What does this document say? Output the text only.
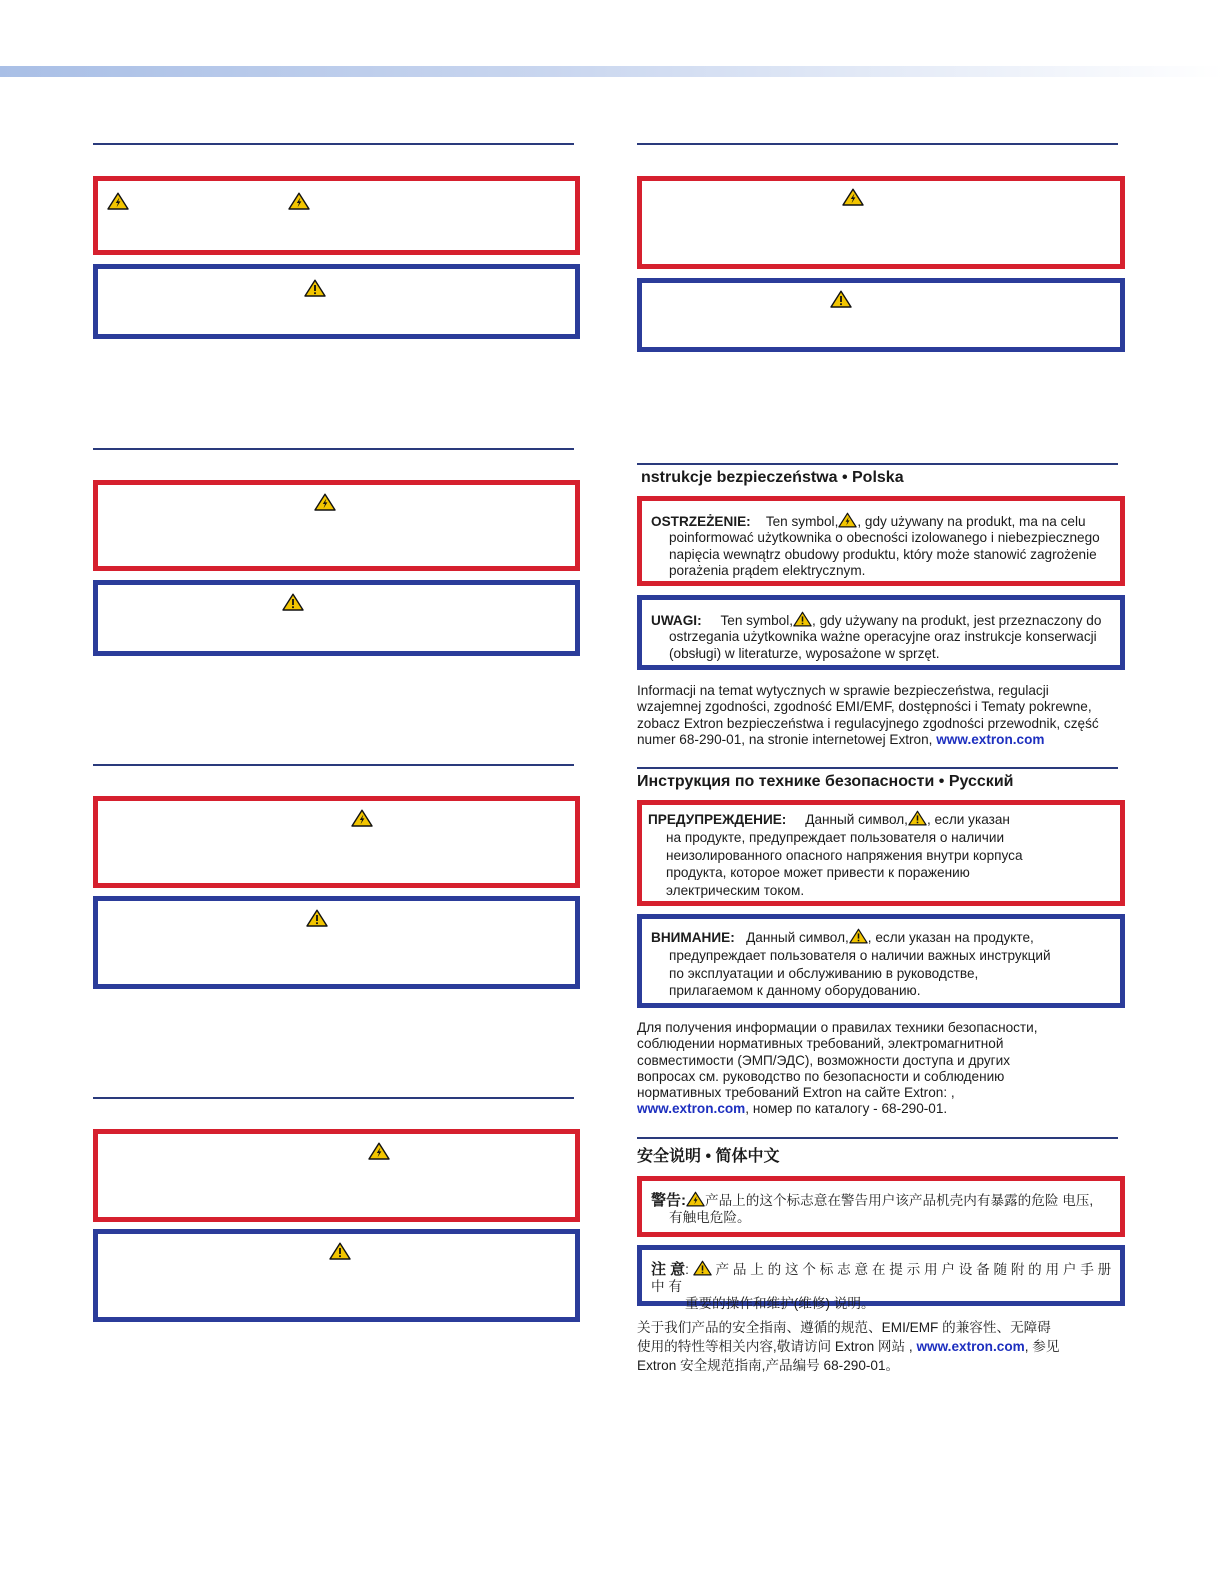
nstrukcje bezpieczeństwa • Polska
OSTRZEŻENIE: Ten symbol, , gdy używany na produkt, ma na celu
poinformować użytkownika o obecności izolowanego i niebezpiecznego
napięcia wewnątrz obudowy produktu, który może stanowić zagrożenie
porażenia prądem elektrycznym.
UWAGI: Ten symbol, , gdy używany na produkt, jest przeznaczony do
ostrzegania użytkownika ważne operacyjne oraz instrukcje konserwacji
(obsługi) w literaturze, wyposażone w sprzęt.
Informacji na temat wytycznych w sprawie bezpieczeństwa, regulacji
wzajemnej zgodności, zgodność EMI/EMF, dostępności i Tematy pokrewne,
zobacz Extron bezpieczeństwa i regulacyjnego zgodności przewodnik, część
numer 68-290-01, na stronie internetowej Extron, www.extron.com
Инструкция по технике безопасности • Русский
ПРЕДУПРЕЖДЕНИЕ: Данный символ, , если указан
на продукте, предупреждает пользователя о наличии
неизолированного опасного напряжения внутри корпуса
продукта, которое может привести к поражению
электрическим током.
ВНИМАНИЕ: Данный символ, , если указан на продукте,
предупреждает пользователя о наличии важных инструкций
по эксплуатации и обслуживанию в руководстве,
прилагаемом к данному оборудованию.
Для получения информации о правилах техники безопасности,
соблюдении нормативных требований, электромагнитной
совместимости (ЭМП/ЭДС), возможности доступа и других
вопросах см. руководство по безопасности и соблюдению
нормативных требований Extron на сайте Extron: ,
www.extron.com, номер по каталогу - 68-290-01.
安全说明 • 简体中文
警告: 产品上的这个标志意在警告用户该产品机壳内有暴露的危险 电压,
有触电危险。
注 意: 产 品 上 的 这 个 标 志 意 在 提 示 用 户 设 备 随 附 的 用 户 手 册 中 有
重要的操作和维护(维修) 说明。
关于我们产品的安全指南、遵循的规范、EMI/EMF 的兼容性、无障碍
使用的特性等相关内容,敬请访问 Extron 网站 , www.extron.com, 参见
Extron 安全规范指南,产品编号 68-290-01。
